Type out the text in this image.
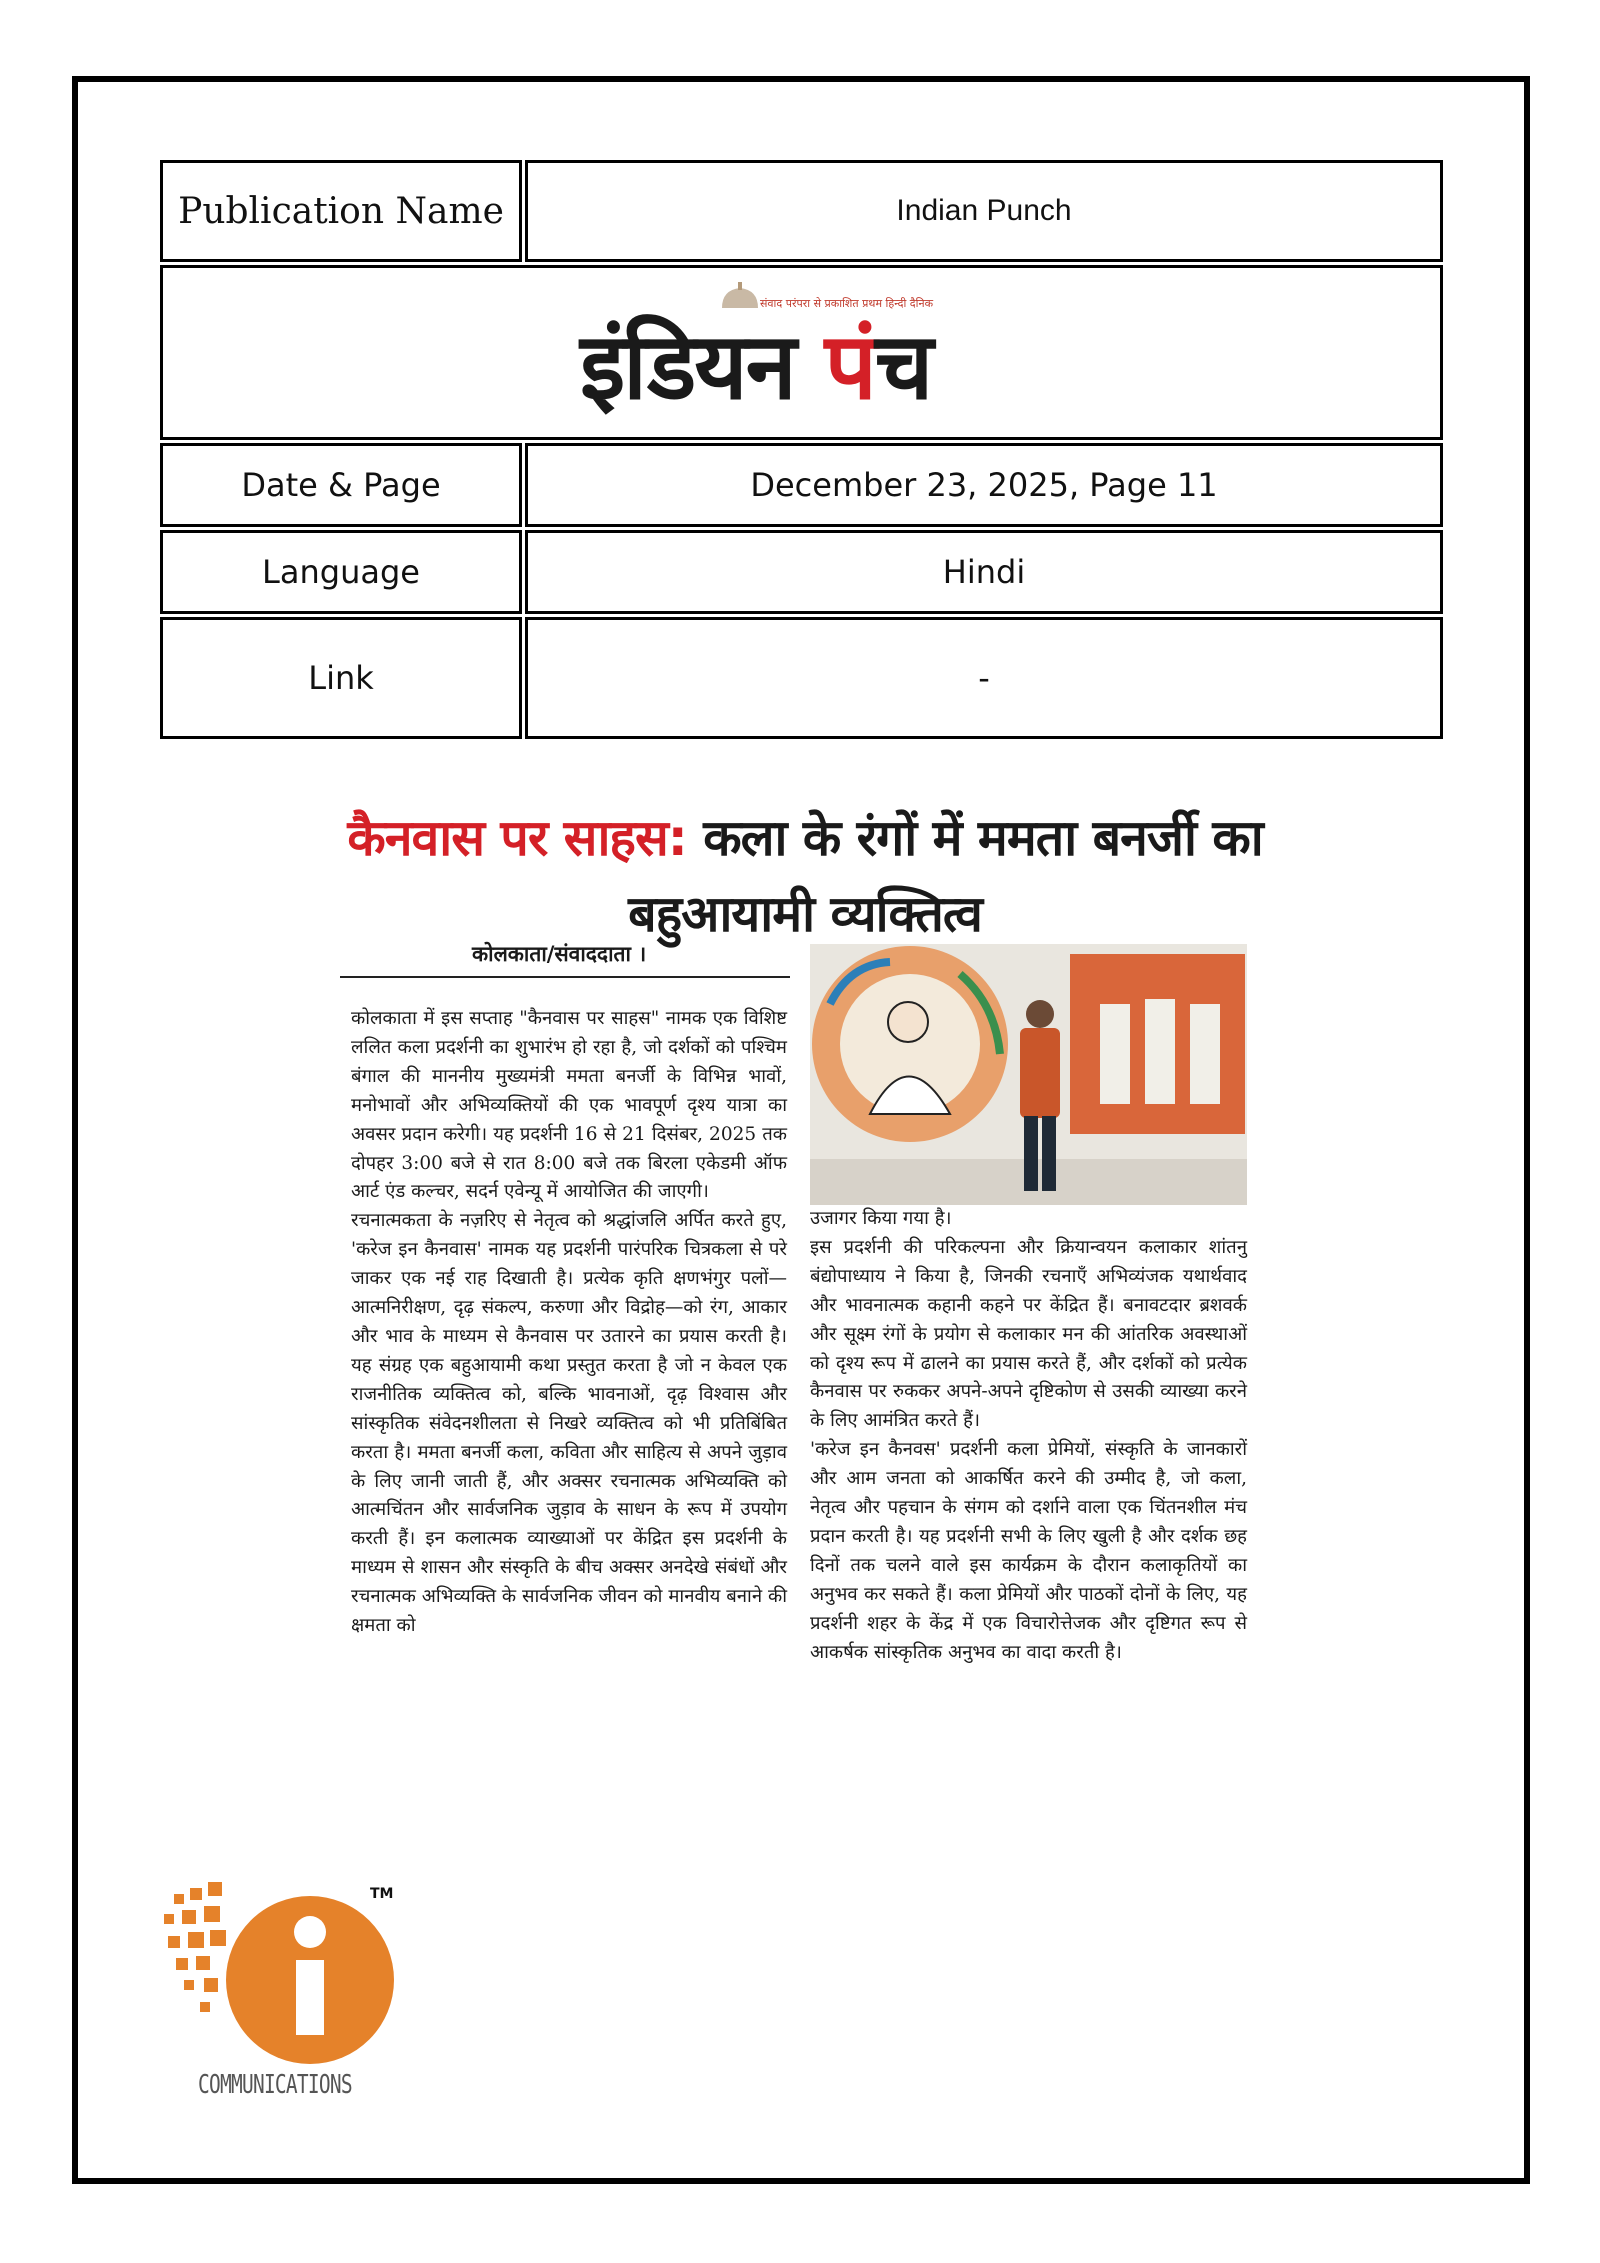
Publication Name	Indian Punch
संवाद परंपरा से प्रकाशित प्रथम हिन्दी दैनिक
इंडियन पंच
Date & Page	December 23, 2025, Page 11
Language	Hindi
Link	-
कैनवास पर साहस: कला के रंगों में ममता बनर्जी का बहुआयामी व्यक्तित्व
कोलकाता/संवाददाता ।
कोलकाता में इस सप्ताह "कैनवास पर साहस" नामक एक विशिष्ट ललित कला प्रदर्शनी का शुभारंभ हो रहा है, जो दर्शकों को पश्चिम बंगाल की माननीय मुख्यमंत्री ममता बनर्जी के विभिन्न भावों, मनोभावों और अभिव्यक्तियों की एक भावपूर्ण दृश्य यात्रा का अवसर प्रदान करेगी। यह प्रदर्शनी 16 से 21 दिसंबर, 2025 तक दोपहर 3:00 बजे से रात 8:00 बजे तक बिरला एकेडमी ऑफ आर्ट एंड कल्चर, सदर्न एवेन्यू में आयोजित की जाएगी।
रचनात्मकता के नज़रिए से नेतृत्व को श्रद्धांजलि अर्पित करते हुए, 'करेज इन कैनवास' नामक यह प्रदर्शनी पारंपरिक चित्रकला से परे जाकर एक नई राह दिखाती है। प्रत्येक कृति क्षणभंगुर पलों—आत्मनिरीक्षण, दृढ़ संकल्प, करुणा और विद्रोह—को रंग, आकार और भाव के माध्यम से कैनवास पर उतारने का प्रयास करती है। यह संग्रह एक बहुआयामी कथा प्रस्तुत करता है जो न केवल एक राजनीतिक व्यक्तित्व को, बल्कि भावनाओं, दृढ़ विश्वास और सांस्कृतिक संवेदनशीलता से निखरे व्यक्तित्व को भी प्रतिबिंबित करता है। ममता बनर्जी कला, कविता और साहित्य से अपने जुड़ाव के लिए जानी जाती हैं, और अक्सर रचनात्मक अभिव्यक्ति को आत्मचिंतन और सार्वजनिक जुड़ाव के साधन के रूप में उपयोग करती हैं। इन कलात्मक व्याख्याओं पर केंद्रित इस प्रदर्शनी के माध्यम से शासन और संस्कृति के बीच अक्सर अनदेखे संबंधों और रचनात्मक अभिव्यक्ति के सार्वजनिक जीवन को मानवीय बनाने की क्षमता को
उजागर किया गया है।
इस प्रदर्शनी की परिकल्पना और क्रियान्वयन कलाकार शांतनु बंद्योपाध्याय ने किया है, जिनकी रचनाएँ अभिव्यंजक यथार्थवाद और भावनात्मक कहानी कहने पर केंद्रित हैं। बनावटदार ब्रशवर्क और सूक्ष्म रंगों के प्रयोग से कलाकार मन की आंतरिक अवस्थाओं को दृश्य रूप में ढालने का प्रयास करते हैं, और दर्शकों को प्रत्येक कैनवास पर रुककर अपने-अपने दृष्टिकोण से उसकी व्याख्या करने के लिए आमंत्रित करते हैं।
'करेज इन कैनवस' प्रदर्शनी कला प्रेमियों, संस्कृति के जानकारों और आम जनता को आकर्षित करने की उम्मीद है, जो कला, नेतृत्व और पहचान के संगम को दर्शाने वाला एक चिंतनशील मंच प्रदान करती है। यह प्रदर्शनी सभी के लिए खुली है और दर्शक छह दिनों तक चलने वाले इस कार्यक्रम के दौरान कलाकृतियों का अनुभव कर सकते हैं। कला प्रेमियों और पाठकों दोनों के लिए, यह प्रदर्शनी शहर के केंद्र में एक विचारोत्तेजक और दृष्टिगत रूप से आकर्षक सांस्कृतिक अनुभव का वादा करती है।
TM
COMMUNICATIONS
